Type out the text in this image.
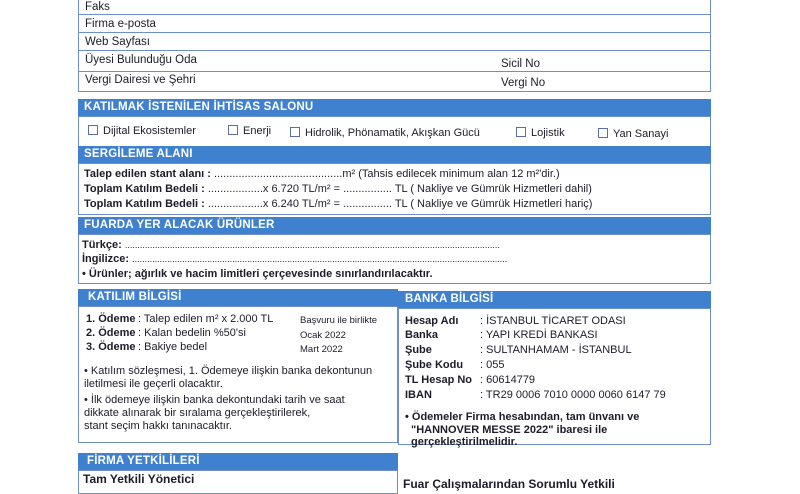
Faks
Firma e-posta
Web Sayfası
Üyesi Bulunduğu Oda	Sicil No
Vergi Dairesi ve Şehri	Vergi No
KATILMAK İSTENİLEN İHTİSAS SALONU
Dijital Ekosistemler	Enerji	Hidrolik, Phönamatik, Akışkan Gücü	Lojistik	Yan Sanayi
SERGİLEME ALANI
Talep edilen stant alanı : ..........................................m² (Tahsis edilecek minimum alan 12 m²'dir.)
Toplam Katılım Bedeli : ..................x 6.720 TL/m² = ................ TL ( Nakliye ve Gümrük Hizmetleri dahil)
Toplam Katılım Bedeli : ..................x 6.240 TL/m² = ................ TL ( Nakliye ve Gümrük Hizmetleri hariç)
FUARDA YER ALACAK ÜRÜNLER
Türkçe: ......................................................................................................................................................
İngilizce: ......................................................................................................................................................
• Ürünler; ağırlık ve hacim limitleri çerçevesinde sınırlandırılacaktır.
KATILIM BİLGİSİ
1. Ödeme : Talep edilen m² x 2.000 TL	Başvuru ile birlikte
2. Ödeme : Kalan bedelin %50'si	Ocak 2022
3. Ödeme : Bakiye bedel	Mart 2022
• Katılım sözleşmesi, 1. Ödemeye ilişkin banka dekontunun
iletilmesi ile geçerli olacaktır.
• İlk ödemeye ilişkin banka dekontundaki tarih ve saat
dikkate alınarak bir sıralama gerçekleştirilerek,
stant seçim hakkı tanınacaktır.
BANKA BİLGİSİ
Hesap Adı : İSTANBUL TİCARET ODASI
Banka	: YAPI KREDİ BANKASI
Şube	: SULTANHAMAM - İSTANBUL
Şube Kodu : 055
TL Hesap No : 60614779
IBAN	: TR29 0006 7010 0000 0060 6147 79
• Ödemeler Firma hesabından, tam ünvanı ve
"HANNOVER MESSE 2022" ibaresi ile
gerçekleştirilmelidir.
FİRMA YETKİLİLERİ
Tam Yetkili Yönetici	Fuar Çalışmalarından Sorumlu Yetkili
